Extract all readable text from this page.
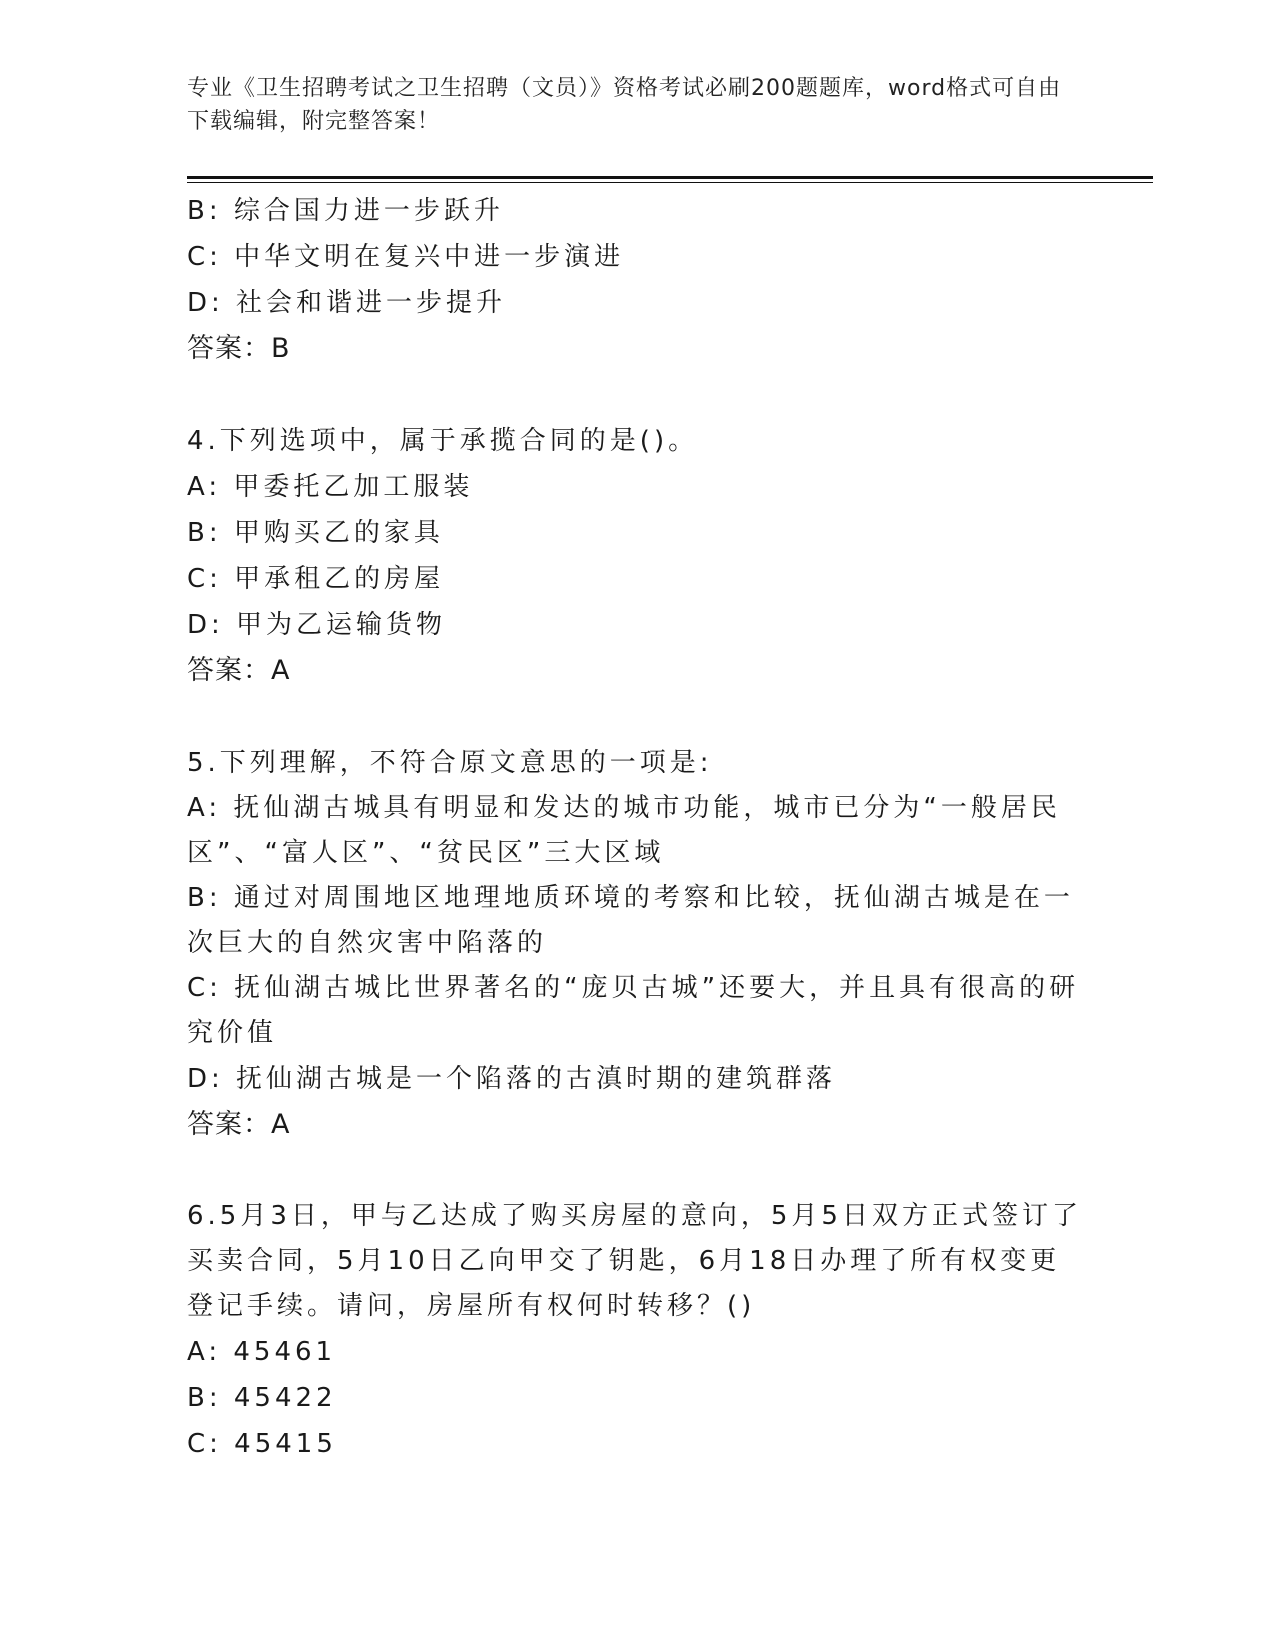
专业《卫生招聘考试之卫生招聘（文员）》资格考试必刷200题题库，word格式可自由下载编辑，附完整答案！
B: 综合国力进一步跃升
C: 中华文明在复兴中进一步演进
D: 社会和谐进一步提升
答案：B
4.下列选项中，属于承揽合同的是()。
A: 甲委托乙加工服装
B: 甲购买乙的家具
C: 甲承租乙的房屋
D: 甲为乙运输货物
答案：A
5.下列理解，不符合原文意思的一项是:
A: 抚仙湖古城具有明显和发达的城市功能，城市已分为“一般居民区”、“富人区”、“贫民区”三大区域
B: 通过对周围地区地理地质环境的考察和比较，抚仙湖古城是在一次巨大的自然灾害中陷落的
C: 抚仙湖古城比世界著名的“庞贝古城”还要大，并且具有很高的研究价值
D: 抚仙湖古城是一个陷落的古滇时期的建筑群落
答案：A
6.5月3日，甲与乙达成了购买房屋的意向，5月5日双方正式签订了买卖合同，5月10日乙向甲交了钥匙，6月18日办理了所有权变更登记手续。请问，房屋所有权何时转移？()
A: 45461
B: 45422
C: 45415
